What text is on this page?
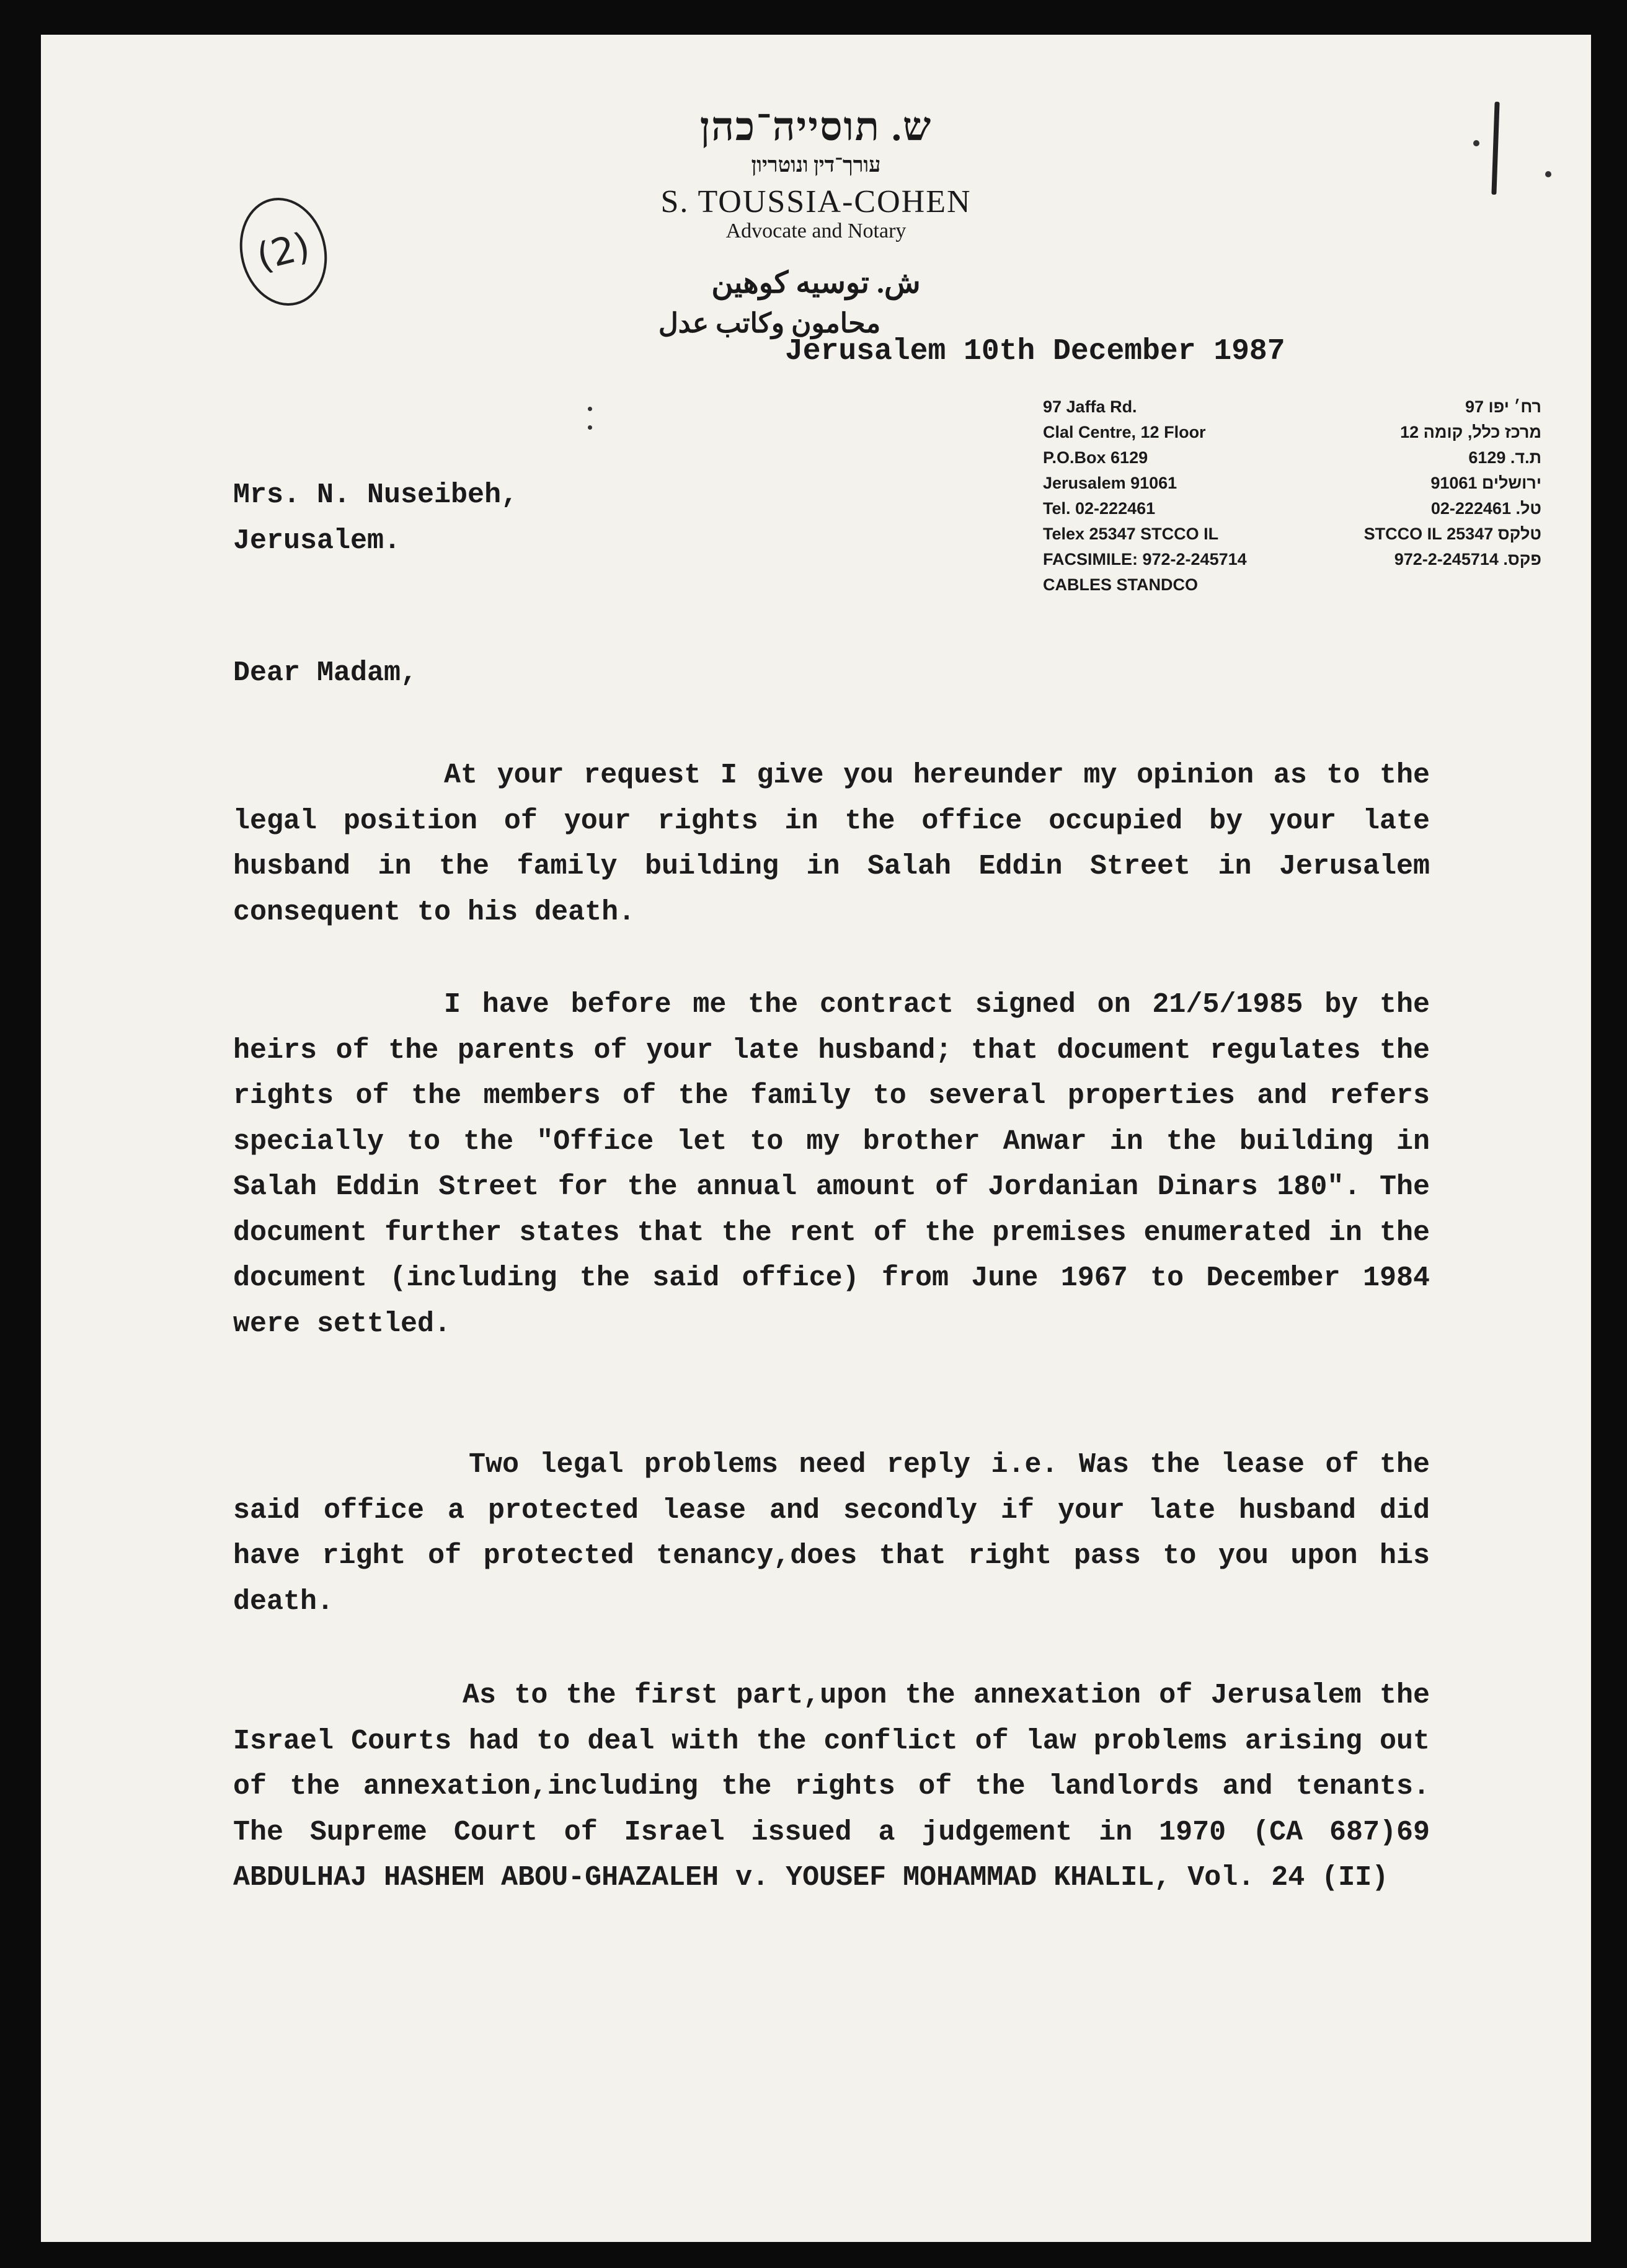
(2)
ש. תוסייה־כהן
עורך־דין ונוטריון
S. TOUSSIA-COHEN
Advocate and Notary
ش. توسيه كوهين
محامون وكاتب عدل
Jerusalem 10th December 1987
97 Jaffa Rd.
Clal Centre, 12 Floor
P.O.Box 6129
Jerusalem 91061
Tel. 02-222461
Telex 25347 STCCO IL
FACSIMILE: 972-2-245714
CABLES STANDCO
רח׳ יפו 97
מרכז כלל, קומה 12
ת.ד. 6129
ירושלים 91061
טל. 02-222461
טלקס 25347 STCCO IL
פקס. 972-2-245714
Mrs. N. Nuseibeh,
Jerusalem.
Dear Madam,
At your request I give you hereunder my opinion as to the legal position of your rights in the office occupied by your late husband in the family building in Salah Eddin Street in Jerusalem consequent to his death.
I have before me the contract signed on 21/5/1985 by the heirs of the parents of your late husband; that document regulates the rights of the members of the family to several properties and refers specially to the "Office let to my brother Anwar in the building in Salah Eddin Street for the annual amount of Jordanian Dinars 180". The document further states that the rent of the premises enumerated in the document (including the said office) from June 1967 to December 1984 were settled.
Two legal problems need reply i.e. Was the lease of the said office a protected lease and secondly if your late husband did have right of protected tenancy,does that right pass to you upon his death.
As to the first part,upon the annexation of Jerusalem the Israel Courts had to deal with the conflict of law problems arising out of the annexation,including the rights of the landlords and tenants. The Supreme Court of Israel issued a judgement in 1970 (CA 687)69 ABDULHAJ HASHEM ABOU-GHAZALEH v. YOUSEF MOHAMMAD KHALIL, Vol. 24 (II)
